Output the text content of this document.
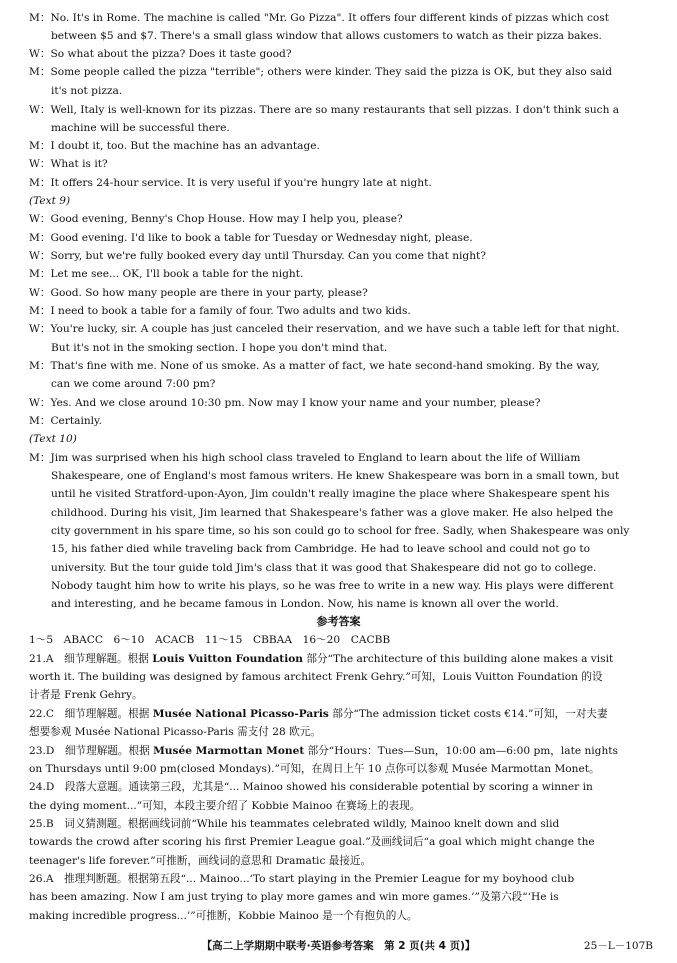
M：No. It's in Rome. The machine is called "Mr. Go Pizza". It offers four different kinds of pizzas which cost
between $5 and $7. There's a small glass window that allows customers to watch as their pizza bakes.
W：So what about the pizza? Does it taste good?
M：Some people called the pizza "terrible"; others were kinder. They said the pizza is OK, but they also said
it's not pizza.
W：Well, Italy is well-known for its pizzas. There are so many restaurants that sell pizzas. I don't think such a
machine will be successful there.
M：I doubt it, too. But the machine has an advantage.
W：What is it?
M：It offers 24-hour service. It is very useful if you're hungry late at night.
(Text 9)
W：Good evening, Benny's Chop House. How may I help you, please?
M：Good evening. I'd like to book a table for Tuesday or Wednesday night, please.
W：Sorry, but we're fully booked every day until Thursday. Can you come that night?
M：Let me see... OK, I'll book a table for the night.
W：Good. So how many people are there in your party, please?
M：I need to book a table for a family of four. Two adults and two kids.
W：You're lucky, sir. A couple has just canceled their reservation, and we have such a table left for that night.
But it's not in the smoking section. I hope you don't mind that.
M：That's fine with me. None of us smoke. As a matter of fact, we hate second-hand smoking. By the way,
can we come around 7:00 pm?
W：Yes. And we close around 10:30 pm. Now may I know your name and your number, please?
M：Certainly.
(Text 10)
M：Jim was surprised when his high school class traveled to England to learn about the life of William
Shakespeare, one of England's most famous writers. He knew Shakespeare was born in a small town, but
until he visited Stratford-upon-Ayon, Jim couldn't really imagine the place where Shakespeare spent his
childhood. During his visit, Jim learned that Shakespeare's father was a glove maker. He also helped the
city government in his spare time, so his son could go to school for free. Sadly, when Shakespeare was only
15, his father died while traveling back from Cambridge. He had to leave school and could not go to
university. But the tour guide told Jim's class that it was good that Shakespeare did not go to college.
Nobody taught him how to write his plays, so he was free to write in a new way. His plays were different
and interesting, and he became famous in London. Now, his name is known all over the world.
参考答案
1～5　ABACC　6～10　ACACB　11～15　CBBAA　16～20　CACBB
21.A　 细节理解题。根据 Louis Vuitton Foundation 部分“The architecture of this building alone makes a visit
worth it. The building was designed by famous architect Frenk Gehry.”可知，Louis Vuitton Foundation 的设
计者是 Frenk Gehry。
22.C　 细节理解题。根据 Musée National Picasso-Paris 部分“The admission ticket costs €14.”可知，一对夫妻
想要参观 Musée National Picasso-Paris 需支付 28 欧元。
23.D　 细节理解题。根据 Musée Marmottan Monet 部分“Hours：Tues—Sun，10:00 am—6:00 pm，late nights
on Thursdays until 9:00 pm(closed Mondays).”可知，在周日上午 10 点你可以参观 Musée Marmottan Monet。
24.D　 段落大意题。通读第三段，尤其是“... Mainoo showed his considerable potential by scoring a winner in
the dying moment...”可知，本段主要介绍了 Kobbie Mainoo 在赛场上的表现。
25.B　 词义猜测题。根据画线词前“While his teammates celebrated wildly, Mainoo knelt down and slid
towards the crowd after scoring his first Premier League goal.”及画线词后“a goal which might change the
teenager's life forever.”可推断，画线词的意思和 Dramatic 最接近。
26.A　 推理判断题。根据第五段“... Mainoo...‘To start playing in the Premier League for my boyhood club
has been amazing. Now I am just trying to play more games and win more games.’”及第六段“‘He is
making incredible progress...’”可推断，Kobbie Mainoo 是一个有抱负的人。
【高二上学期期中联考·英语参考答案　第 2 页(共 4 页)】	25－L－107B
